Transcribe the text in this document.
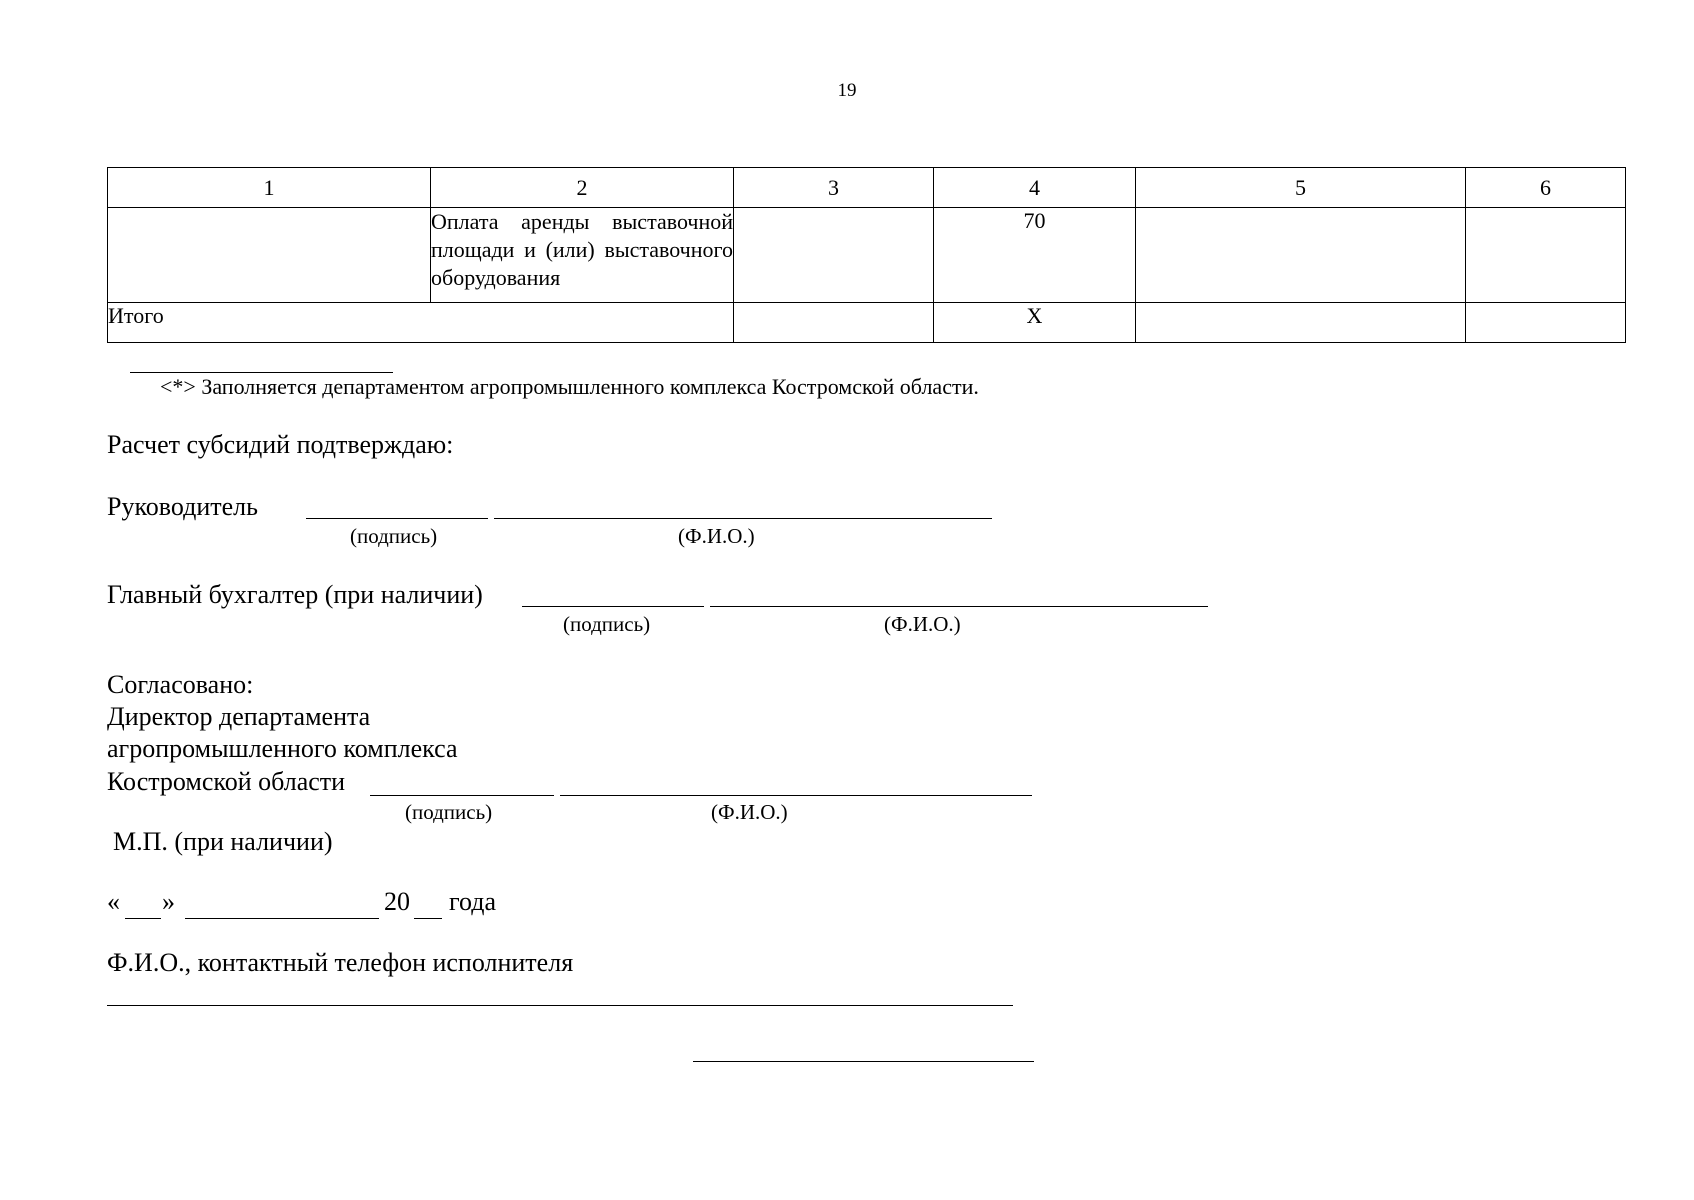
19
1	2	3	4	5	6
	Оплата аренды выставочной площади и (или) выставочного оборудования		70		
Итого			Х		
<*> Заполняется департаментом агропромышленного комплекса Костромской области.
Расчет субсидий подтверждаю:
Руководитель
(подпись)	(Ф.И.О.)
Главный бухгалтер (при наличии)
(подпись)	(Ф.И.О.)
Согласовано:
Директор департамента
агропромышленного комплекса
Костромской области
(подпись)	(Ф.И.О.)
М.П. (при наличии)
« »	20 года
Ф.И.О., контактный телефон исполнителя
